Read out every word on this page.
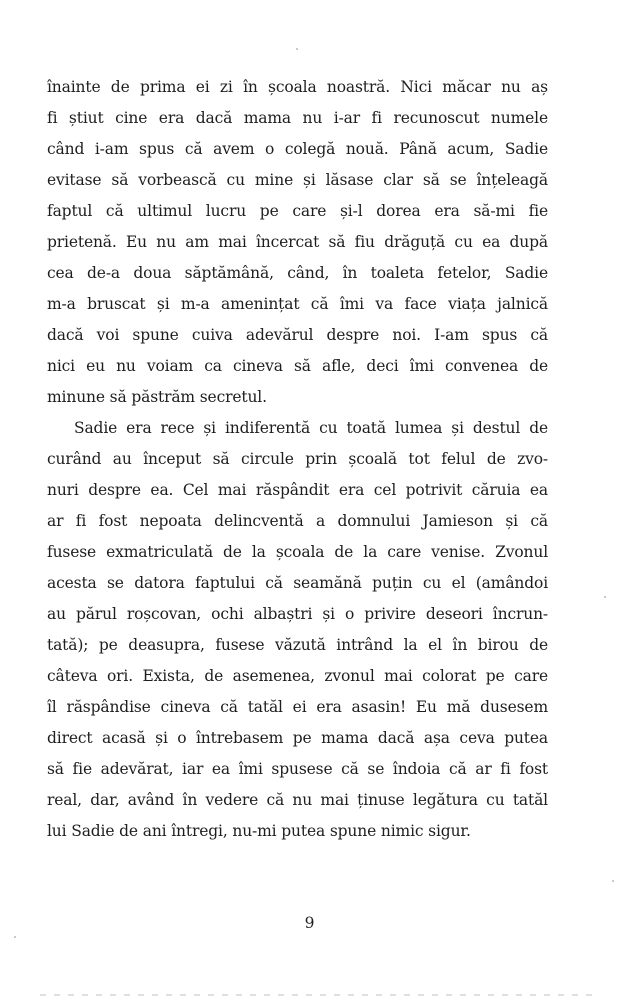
înainte de prima ei zi în școala noastră. Nici măcar nu aș
fi știut cine era dacă mama nu i-ar fi recunoscut numele
când i-am spus că avem o colegă nouă. Până acum, Sadie
evitase să vorbească cu mine și lăsase clar să se înțeleagă
faptul că ultimul lucru pe care și-l dorea era să-mi fie
prietenă. Eu nu am mai încercat să fiu drăguță cu ea după
cea de-a doua săptămână, când, în toaleta fetelor, Sadie
m-a bruscat și m-a amenințat că îmi va face viața jalnică
dacă voi spune cuiva adevărul despre noi. I-am spus că
nici eu nu voiam ca cineva să afle, deci îmi convenea de
minune să păstrăm secretul.
Sadie era rece și indiferentă cu toată lumea și destul de
curând au început să circule prin școală tot felul de zvo-
nuri despre ea. Cel mai răspândit era cel potrivit căruia ea
ar fi fost nepoata delincventă a domnului Jamieson și că
fusese exmatriculată de la școala de la care venise. Zvonul
acesta se datora faptului că seamănă puțin cu el (amândoi
au părul roșcovan, ochi albaștri și o privire deseori încrun-
tată); pe deasupra, fusese văzută intrând la el în birou de
câteva ori. Exista, de asemenea, zvonul mai colorat pe care
îl răspândise cineva că tatăl ei era asasin! Eu mă dusesem
direct acasă și o întrebasem pe mama dacă așa ceva putea
să fie adevărat, iar ea îmi spusese că se îndoia că ar fi fost
real, dar, având în vedere că nu mai ținuse legătura cu tatăl
lui Sadie de ani întregi, nu-mi putea spune nimic sigur.
9
